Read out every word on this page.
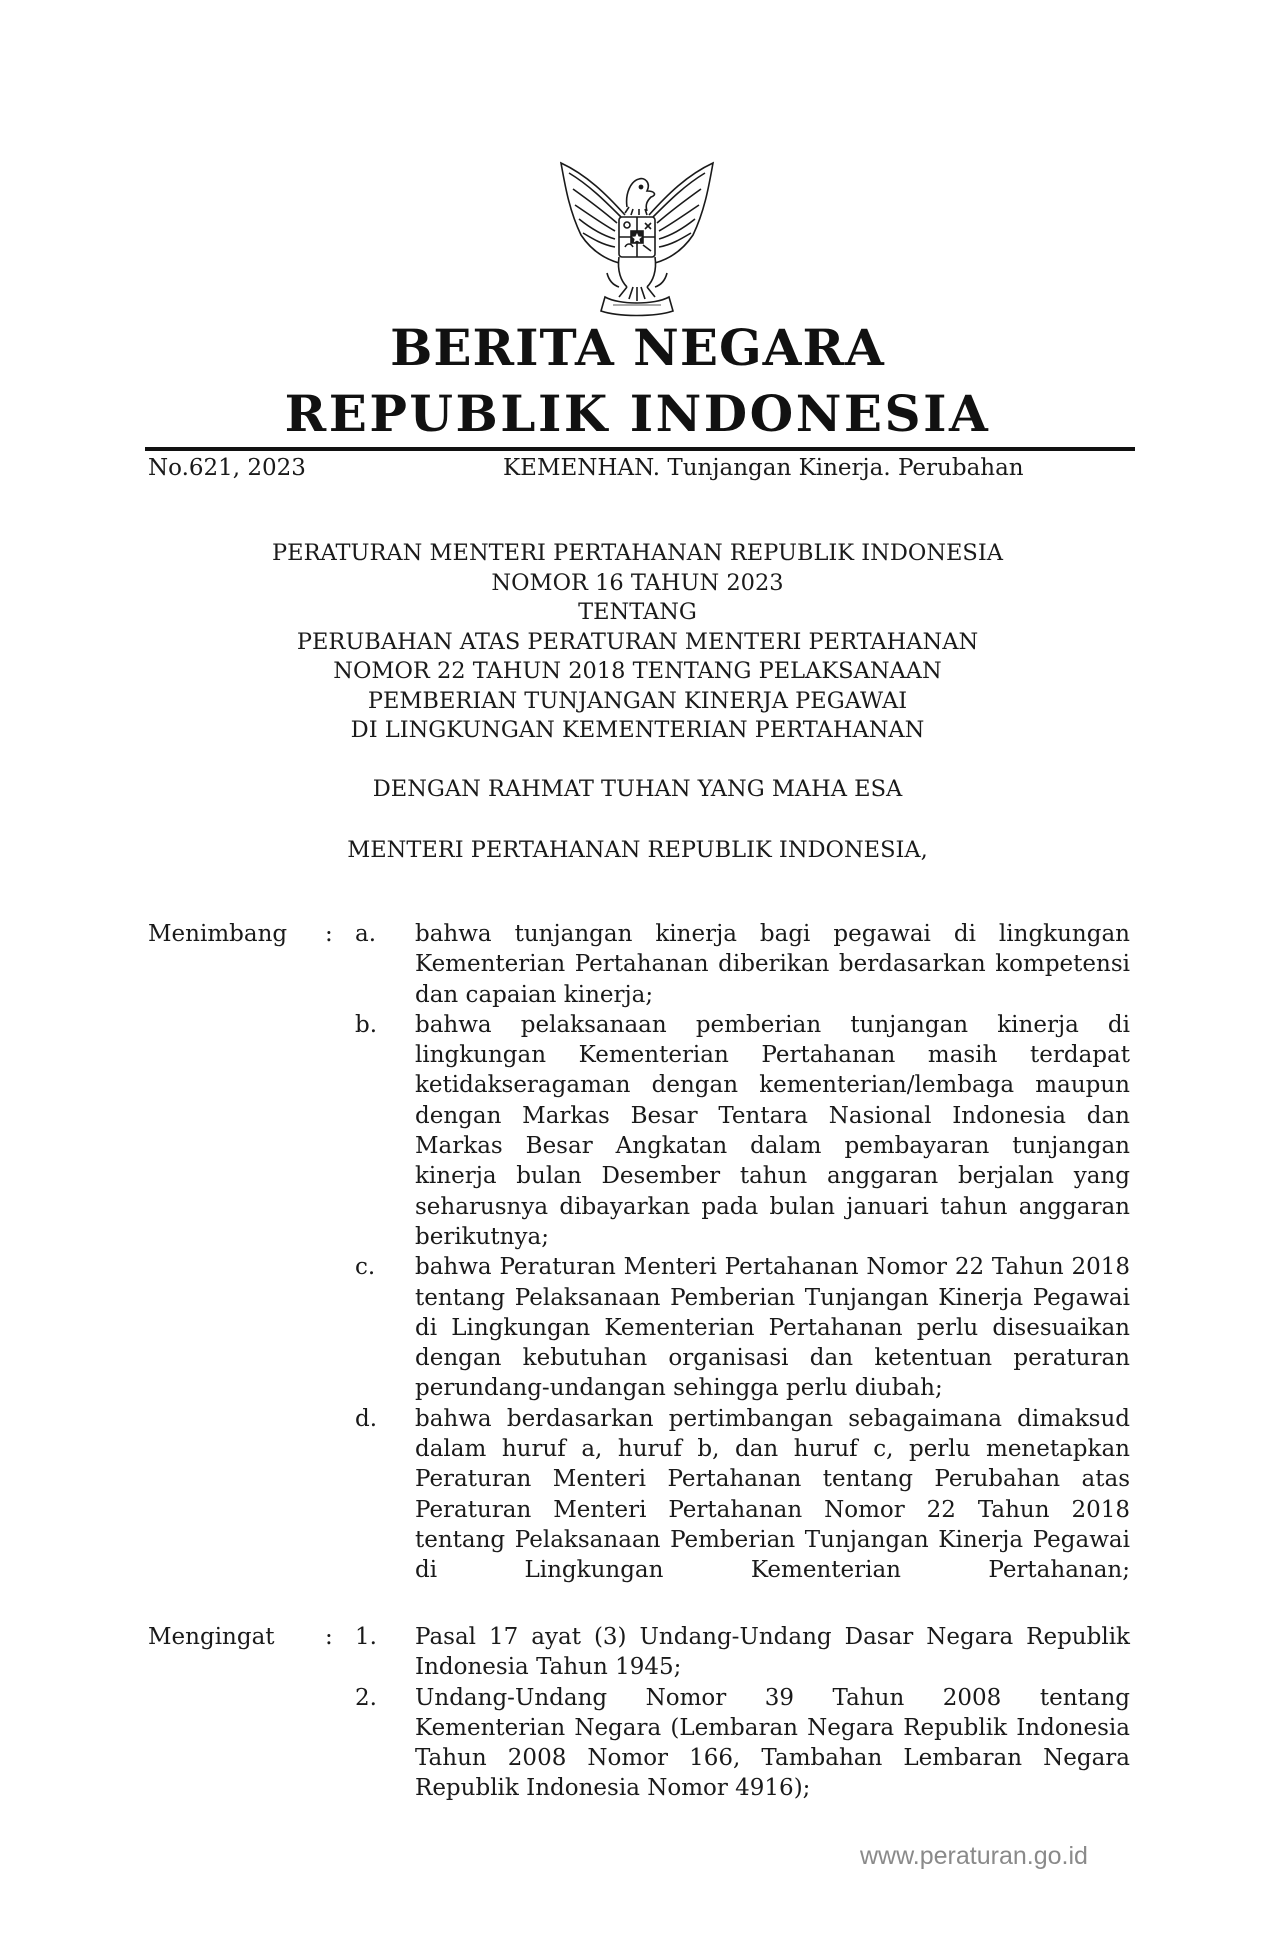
BERITA NEGARA
REPUBLIK INDONESIA
No.621, 2023	KEMENHAN. Tunjangan Kinerja. Perubahan
PERATURAN MENTERI PERTAHANAN REPUBLIK INDONESIA
NOMOR 16 TAHUN 2023
TENTANG
PERUBAHAN ATAS PERATURAN MENTERI PERTAHANAN
NOMOR 22 TAHUN 2018 TENTANG PELAKSANAAN
PEMBERIAN TUNJANGAN KINERJA PEGAWAI
DI LINGKUNGAN KEMENTERIAN PERTAHANAN
DENGAN RAHMAT TUHAN YANG MAHA ESA
MENTERI PERTAHANAN REPUBLIK INDONESIA,
Menimbang : a. bahwa tunjangan kinerja bagi pegawai di lingkungan Kementerian Pertahanan diberikan berdasarkan kompetensi dan capaian kinerja;
b. bahwa pelaksanaan pemberian tunjangan kinerja di lingkungan Kementerian Pertahanan masih terdapat ketidakseragaman dengan kementerian/lembaga maupun dengan Markas Besar Tentara Nasional Indonesia dan Markas Besar Angkatan dalam pembayaran tunjangan kinerja bulan Desember tahun anggaran berjalan yang seharusnya dibayarkan pada bulan januari tahun anggaran berikutnya;
c. bahwa Peraturan Menteri Pertahanan Nomor 22 Tahun 2018 tentang Pelaksanaan Pemberian Tunjangan Kinerja Pegawai di Lingkungan Kementerian Pertahanan perlu disesuaikan dengan kebutuhan organisasi dan ketentuan peraturan perundang-undangan sehingga perlu diubah;
d. bahwa berdasarkan pertimbangan sebagaimana dimaksud dalam huruf a, huruf b, dan huruf c, perlu menetapkan Peraturan Menteri Pertahanan tentang Perubahan atas Peraturan Menteri Pertahanan Nomor 22 Tahun 2018 tentang Pelaksanaan Pemberian Tunjangan Kinerja Pegawai di Lingkungan Kementerian Pertahanan;
Mengingat : 1. Pasal 17 ayat (3) Undang-Undang Dasar Negara Republik Indonesia Tahun 1945;
2. Undang-Undang Nomor 39 Tahun 2008 tentang Kementerian Negara (Lembaran Negara Republik Indonesia Tahun 2008 Nomor 166, Tambahan Lembaran Negara Republik Indonesia Nomor 4916);
www.peraturan.go.id
